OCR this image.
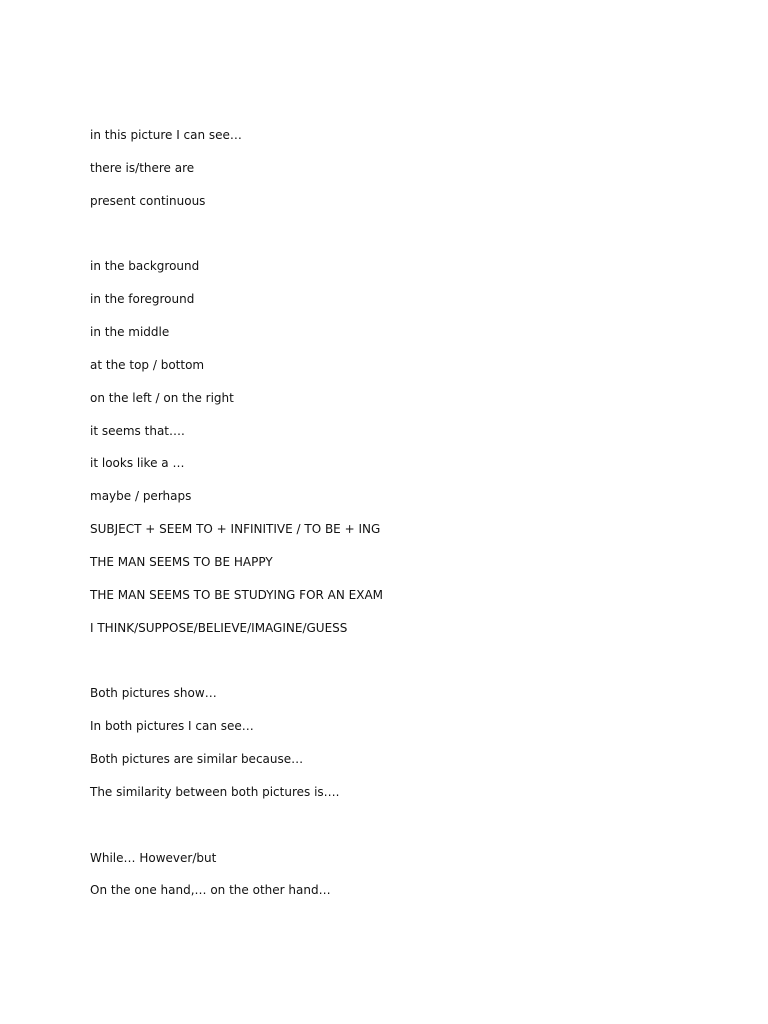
in this picture I can see…
there is/there are
present continuous
in the background
in the foreground
in the middle
at the top / bottom
on the left / on the right
it seems that….
it looks like a …
maybe / perhaps
SUBJECT + SEEM TO + INFINITIVE / TO BE + ING
THE MAN SEEMS TO BE HAPPY
THE MAN SEEMS TO BE STUDYING FOR AN EXAM
I THINK/SUPPOSE/BELIEVE/IMAGINE/GUESS
Both pictures show…
In both pictures I can see…
Both pictures are similar because…
The similarity between both pictures is….
While… However/but
On the one hand,… on the other hand…
